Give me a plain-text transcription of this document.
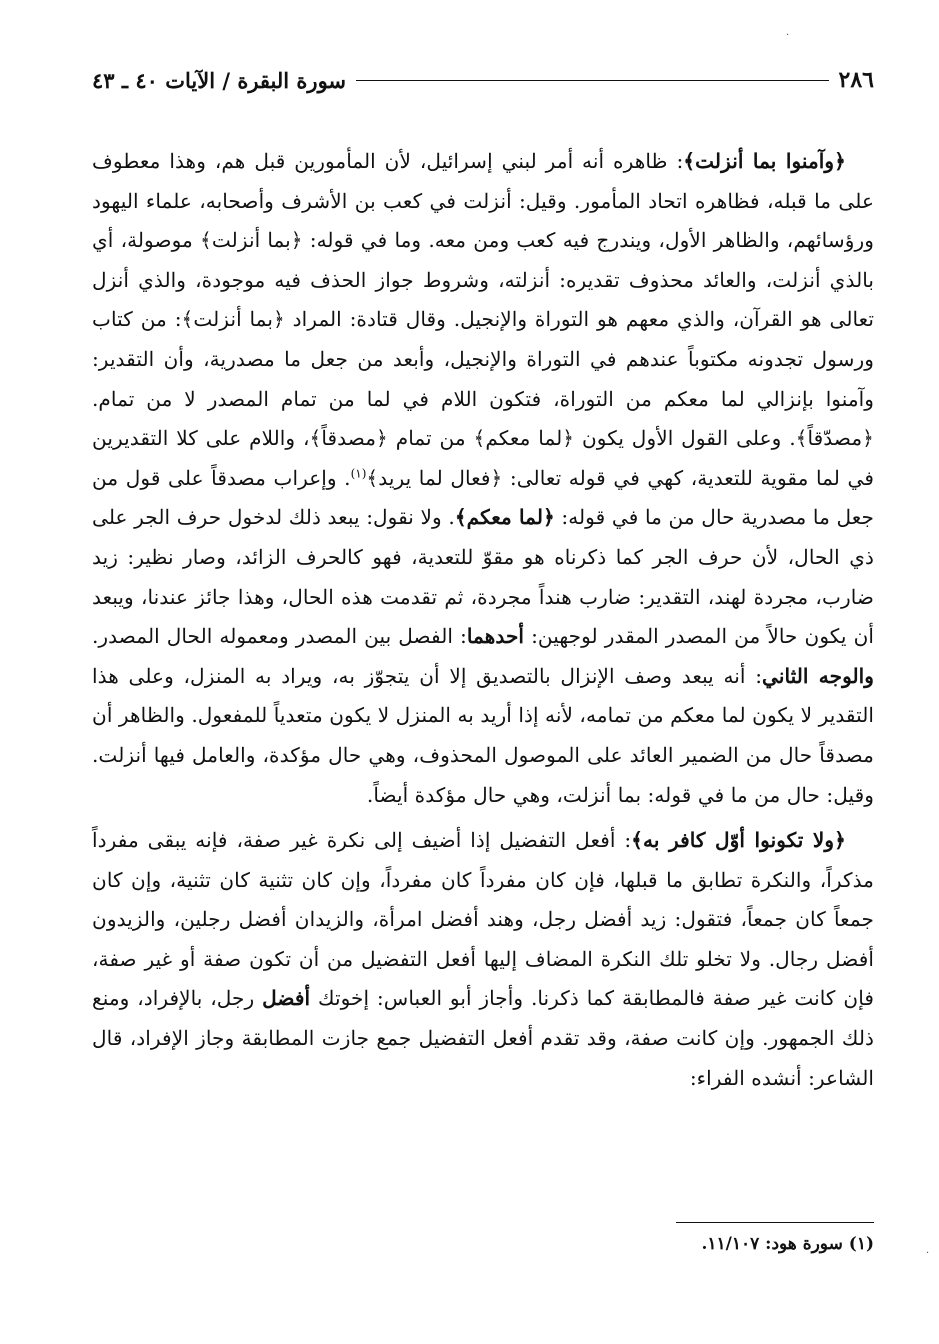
٢٨٦
سورة البقرة / الآيات ٤٠ ـ ٤٣

﴿وآمنوا بما أنزلت﴾: ظاهره أنه أمر لبني إسرائيل، لأن المأمورين قبل هم، وهذا معطوف على ما قبله، فظاهره اتحاد المأمور. وقيل: أنزلت في كعب بن الأشرف وأصحابه، علماء اليهود ورؤسائهم، والظاهر الأول، ويندرج فيه كعب ومن معه. وما في قوله: ﴿بما أنزلت﴾ موصولة، أي بالذي أنزلت، والعائد محذوف تقديره: أنزلته، وشروط جواز الحذف فيه موجودة، والذي أنزل تعالى هو القرآن، والذي معهم هو التوراة والإنجيل. وقال قتادة: المراد ﴿بما أنزلت﴾: من كتاب ورسول تجدونه مكتوباً عندهم في التوراة والإنجيل، وأبعد من جعل ما مصدرية، وأن التقدير: وآمنوا بإنزالي لما معكم من التوراة، فتكون اللام في لما من تمام المصدر لا من تمام. ﴿مصدّقاً﴾. وعلى القول الأول يكون ﴿لما معكم﴾ من تمام ﴿مصدقاً﴾، واللام على كلا التقديرين في لما مقوية للتعدية، كهي في قوله تعالى: ﴿فعال لما يريد﴾$^{(١)}$. وإعراب مصدقاً على قول من جعل ما مصدرية حال من ما في قوله: ﴿لما معكم﴾. ولا نقول: يبعد ذلك لدخول حرف الجر على ذي الحال، لأن حرف الجر كما ذكرناه هو مقوّ للتعدية، فهو كالحرف الزائد، وصار نظير: زيد ضارب، مجردة لهند، التقدير: ضارب هنداً مجردة، ثم تقدمت هذه الحال، وهذا جائز عندنا، ويبعد أن يكون حالاً من المصدر المقدر لوجهين: أحدهما: الفصل بين المصدر ومعموله الحال المصدر. والوجه الثاني: أنه يبعد وصف الإنزال بالتصديق إلا أن يتجوّز به، ويراد به المنزل، وعلى هذا التقدير لا يكون لما معكم من تمامه، لأنه إذا أريد به المنزل لا يكون متعدياً للمفعول. والظاهر أن مصدقاً حال من الضمير العائد على الموصول المحذوف، وهي حال مؤكدة، والعامل فيها أنزلت. وقيل: حال من ما في قوله: بما أنزلت، وهي حال مؤكدة أيضاً.

﴿ولا تكونوا أوّل كافر به﴾: أفعل التفضيل إذا أضيف إلى نكرة غير صفة، فإنه يبقى مفرداً مذكراً، والنكرة تطابق ما قبلها، فإن كان مفرداً كان مفرداً، وإن كان تثنية كان تثنية، وإن كان جمعاً كان جمعاً، فتقول: زيد أفضل رجل، وهند أفضل امرأة، والزيدان أفضل رجلين، والزيدون أفضل رجال. ولا تخلو تلك النكرة المضاف إليها أفعل التفضيل من أن تكون صفة أو غير صفة، فإن كانت غير صفة فالمطابقة كما ذكرنا. وأجاز أبو العباس: إخوتك أفضل رجل، بالإفراد، ومنع ذلك الجمهور. وإن كانت صفة، وقد تقدم أفعل التفضيل جمع جازت المطابقة وجاز الإفراد، قال الشاعر: أنشده الفراء:

(١) سورة هود: ١١/١٠٧.
·
·
